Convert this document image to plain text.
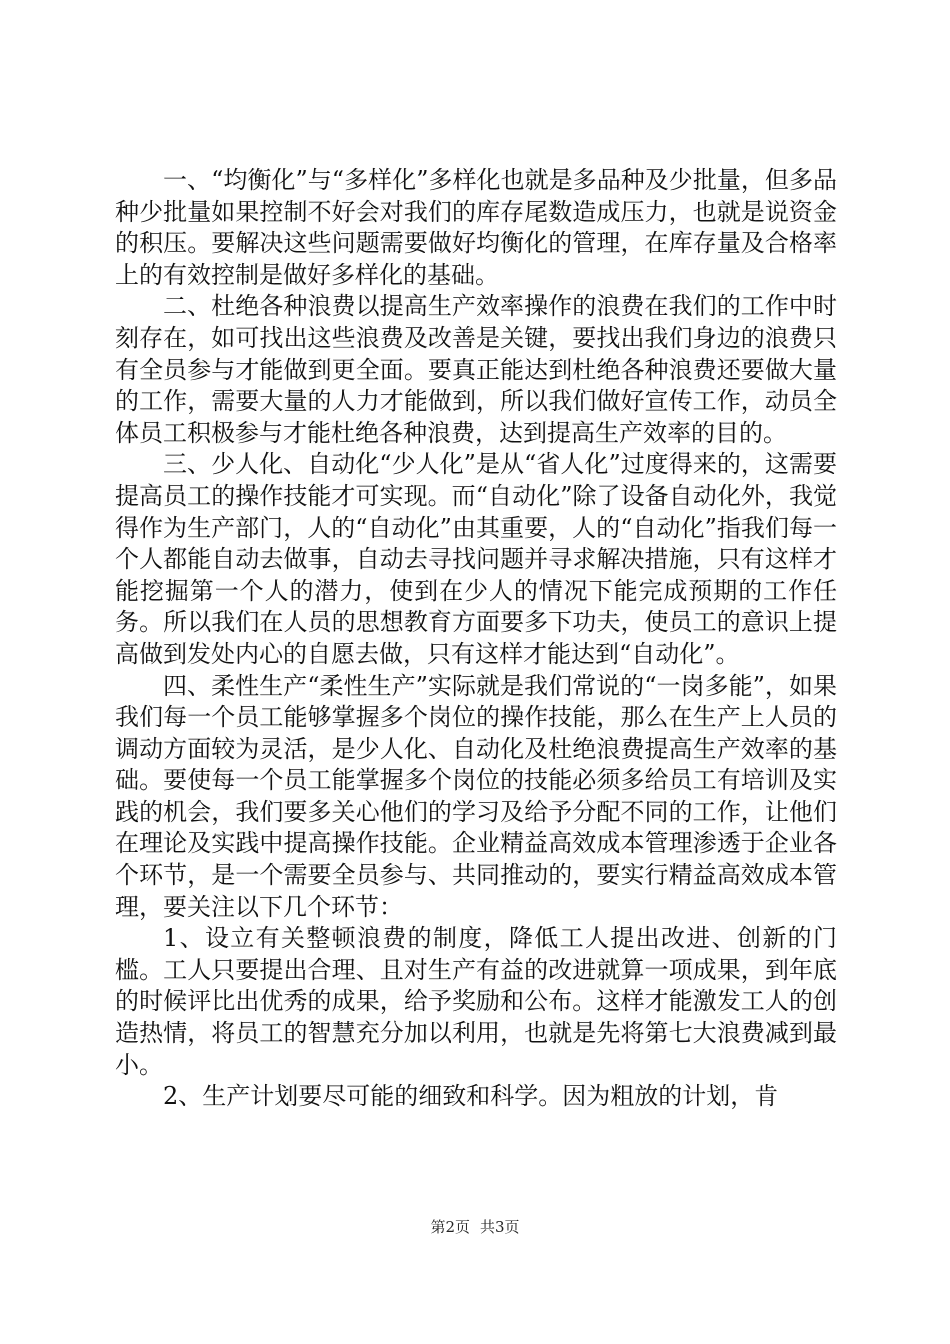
一、“均衡化”与“多样化”多样化也就是多品种及少批量，但多品种少批量如果控制不好会对我们的库存尾数造成压力，也就是说资金的积压。要解决这些问题需要做好均衡化的管理，在库存量及合格率上的有效控制是做好多样化的基础。

二、杜绝各种浪费以提高生产效率操作的浪费在我们的工作中时刻存在，如可找出这些浪费及改善是关键，要找出我们身边的浪费只有全员参与才能做到更全面。要真正能达到杜绝各种浪费还要做大量的工作，需要大量的人力才能做到，所以我们做好宣传工作，动员全体员工积极参与才能杜绝各种浪费，达到提高生产效率的目的。

三、少人化、自动化“少人化”是从“省人化”过度得来的，这需要提高员工的操作技能才可实现。而“自动化”除了设备自动化外，我觉得作为生产部门，人的“自动化”由其重要，人的“自动化”指我们每一个人都能自动去做事，自动去寻找问题并寻求解决措施，只有这样才能挖掘第一个人的潜力，使到在少人的情况下能完成预期的工作任务。所以我们在人员的思想教育方面要多下功夫，使员工的意识上提高做到发处内心的自愿去做，只有这样才能达到“自动化”。

四、柔性生产“柔性生产”实际就是我们常说的“一岗多能”，如果我们每一个员工能够掌握多个岗位的操作技能，那么在生产上人员的调动方面较为灵活，是少人化、自动化及杜绝浪费提高生产效率的基础。要使每一个员工能掌握多个岗位的技能必须多给员工有培训及实践的机会，我们要多关心他们的学习及给予分配不同的工作，让他们在理论及实践中提高操作技能。企业精益高效成本管理渗透于企业各个环节，是一个需要全员参与、共同推动的，要实行精益高效成本管理，要关注以下几个环节：

1、设立有关整顿浪费的制度，降低工人提出改进、创新的门槛。工人只要提出合理、且对生产有益的改进就算一项成果，到年底的时候评比出优秀的成果，给予奖励和公布。这样才能激发工人的创造热情，将员工的智慧充分加以利用，也就是先将第七大浪费减到最小。

2、生产计划要尽可能的细致和科学。因为粗放的计划，肯

第2页 共3页
